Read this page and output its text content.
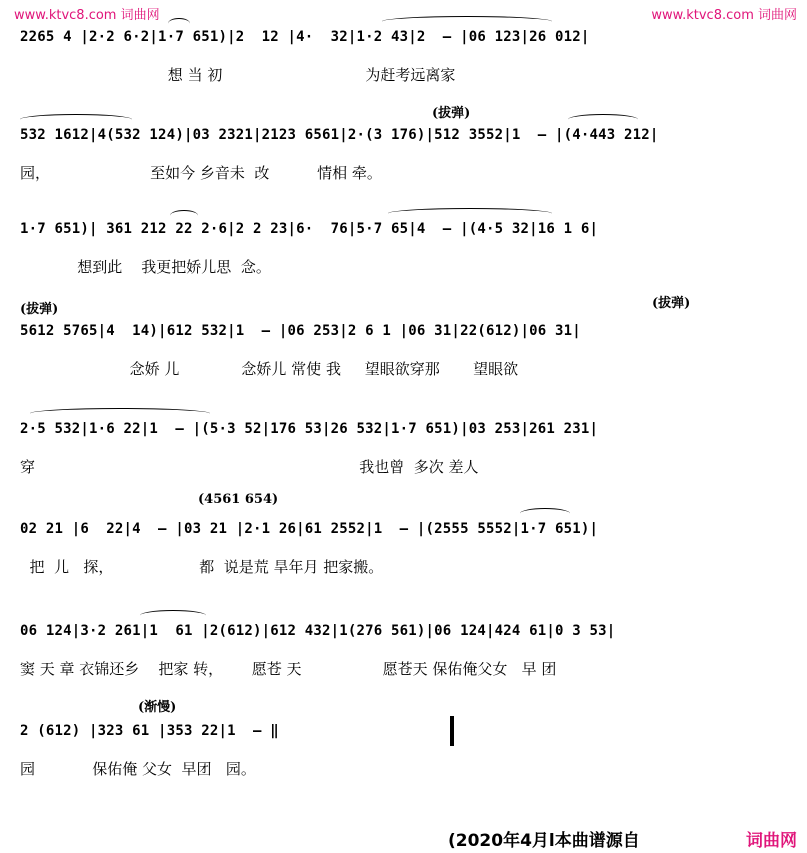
www.ktvc8.com 词曲网	www.ktvc8.com 词曲网
2265 4 |2·2 6·2|1·7 651)|2  12 |4·  32|1·2 43|2  – |06 123|26 012|
想 当 初                              为赶考远离家
(拔弹)
532 1612|4(532 124)|03 2321|2123 6561|2·(3 176)|512 3552|1  – |(4·443 212|
园，                     至如今 乡音未  改          情相 牵。
1·7 651)| 361 212 22 2·6|2 2 23|6·  76|5·7 65|4  – |(4·5 32|16 1 6|
想到此    我更把娇儿思  念。
(拔弹)	(拔弹)
5612 5765|4  14)|612 532|1  – |06 253|2 6 1 |06 31|22(612)|06 31|
念娇 儿             念娇儿 常使 我     望眼欲穿那       望眼欲
2·5 532|1·6 22|1  – |(5·3 52|176 53|26 532|1·7 651)|03 253|261 231|
穿                                                                    我也曾  多次 差人
(4561 654)
02 21 |6  22|4  – |03 21 |2·1 26|61 2552|1  – |(2555 5552|1·7 651)|
把  儿   探，                  都  说是荒 旱年月 把家搬。
06 124|3·2 261|1  61 |2(612)|612 432|1(276 561)|06 124|424 61|0 3 53|
窦 天 章 衣锦还乡    把家 转，      愿苍 天                 愿苍天 保佑俺父女   早 团
(渐慢)
2 (612) |323 61 |353 22|1  – ‖
园            保佑俺 父女  早团   园。
(2020年4月l本曲谱源自	词曲网
